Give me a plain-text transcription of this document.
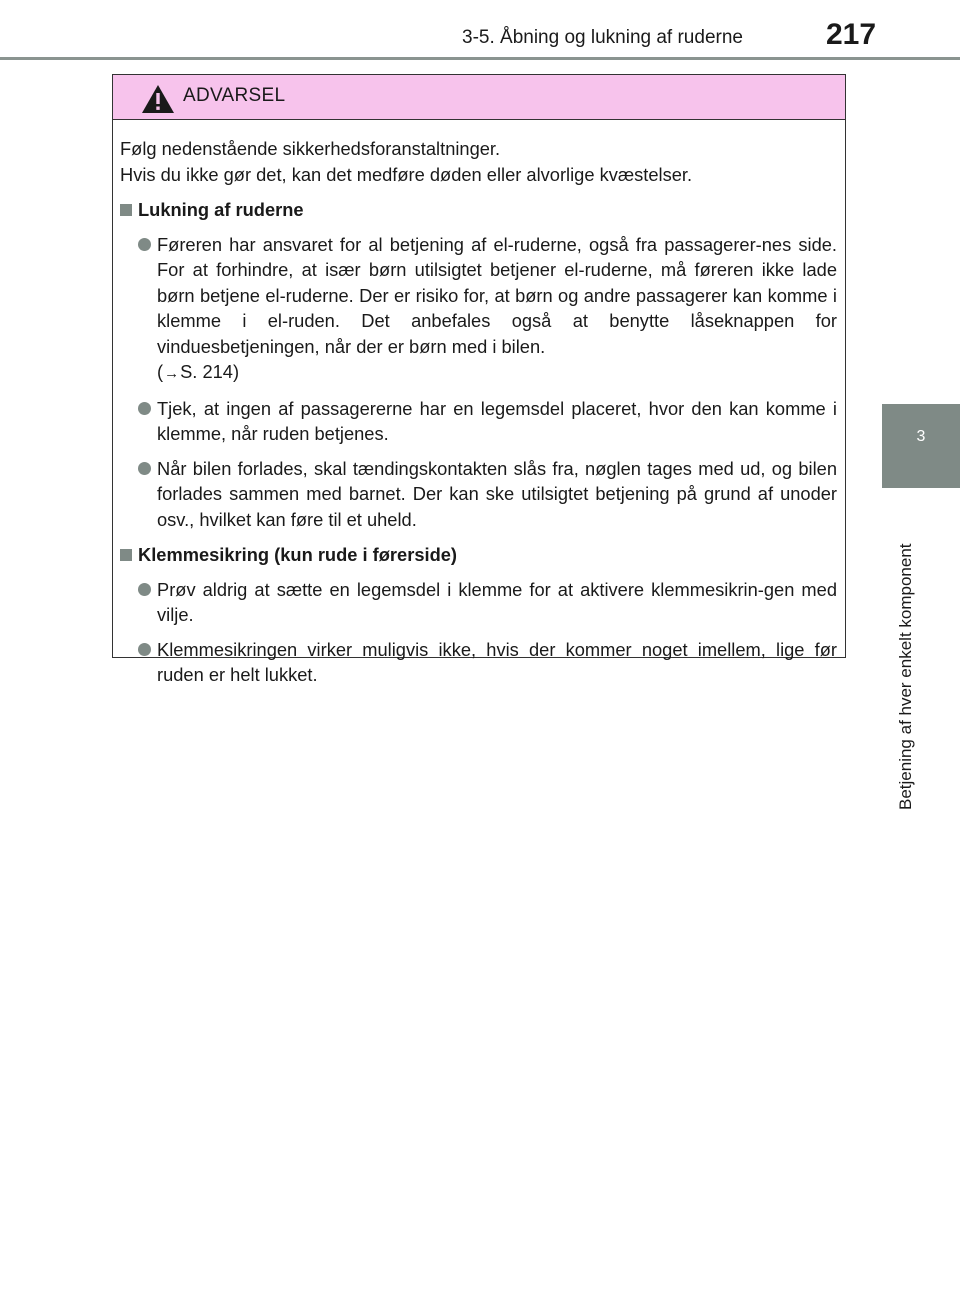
3-5. Åbning og lukning af ruderne	217
3
Betjening af hver enkelt komponent
ADVARSEL

Følg nedenstående sikkerhedsforanstaltninger.

Hvis du ikke gør det, kan det medføre døden eller alvorlige kvæstelser.

Lukning af ruderne
Føreren har ansvaret for al betjening af el-ruderne, også fra passagerer-nes side. For at forhindre, at især børn utilsigtet betjener el-ruderne, må føreren ikke lade børn betjene el-ruderne. Der er risiko for, at børn og andre passagerer kan komme i klemme i el-ruden. Det anbefales også at benytte låseknappen for vinduesbetjeningen, når der er børn med i bilen.
(→S. 214)
Tjek, at ingen af passagererne har en legemsdel placeret, hvor den kan komme i klemme, når ruden betjenes.
Når bilen forlades, skal tændingskontakten slås fra, nøglen tages med ud, og bilen forlades sammen med barnet. Der kan ske utilsigtet betjening på grund af unoder osv., hvilket kan føre til et uheld.
Klemmesikring (kun rude i førerside)
Prøv aldrig at sætte en legemsdel i klemme for at aktivere klemmesikrin-gen med vilje.
Klemmesikringen virker muligvis ikke, hvis der kommer noget imellem, lige før ruden er helt lukket.
